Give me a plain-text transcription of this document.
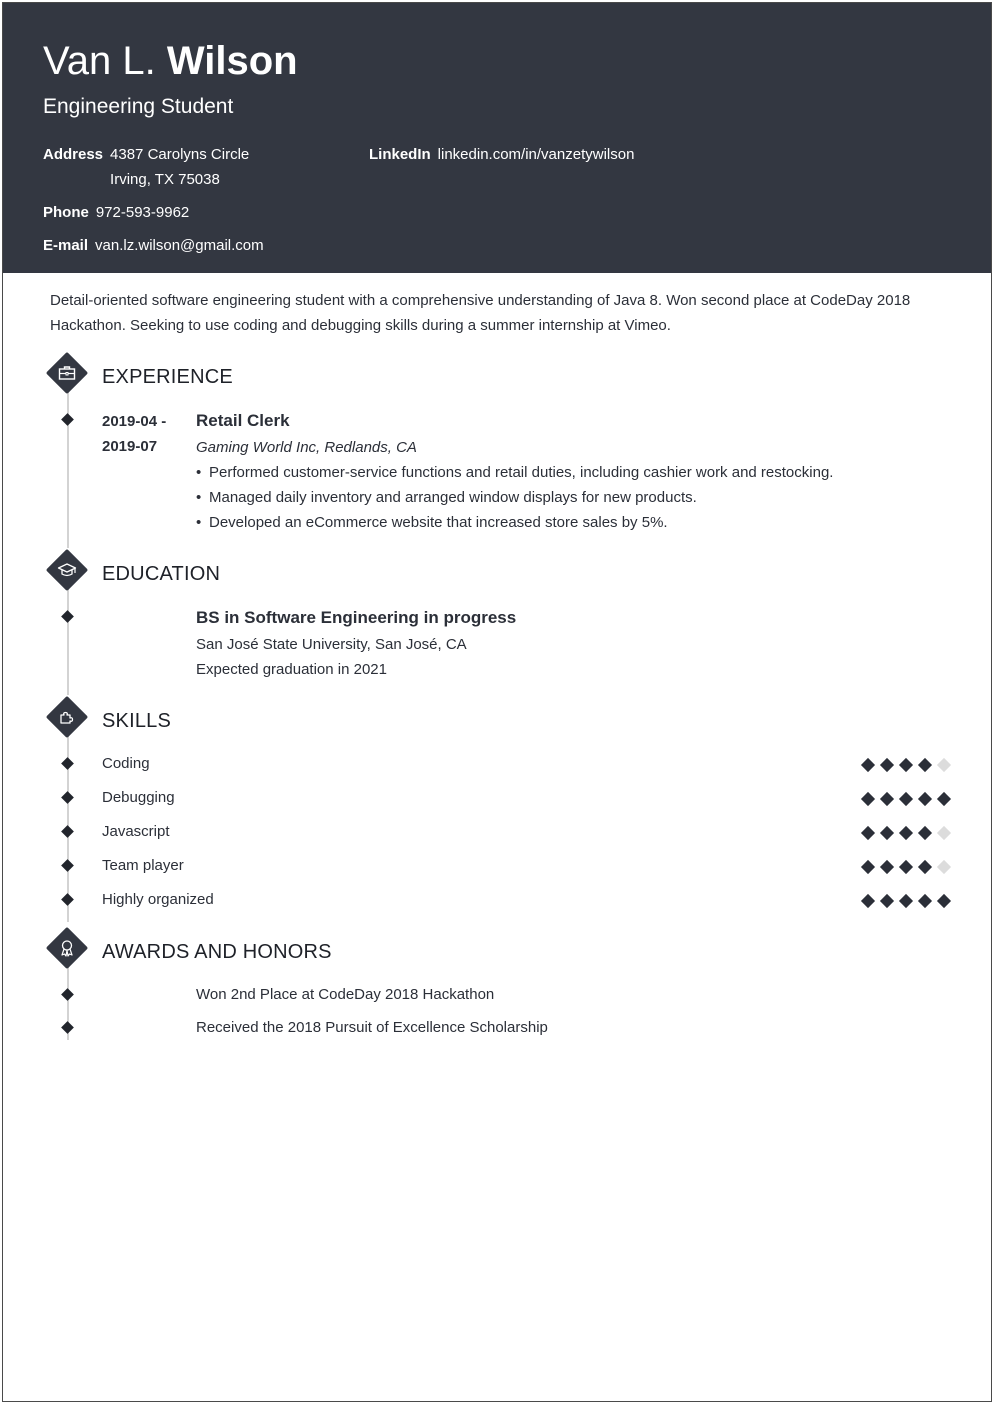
Van L. Wilson
Engineering Student
Address 4387 Carolyns Circle
Irving, TX 75038
LinkedIn linkedin.com/in/vanzetywilson
Phone 972-593-9962
E-mail van.lz.wilson@gmail.com
Detail-oriented software engineering student with a comprehensive understanding of Java 8. Won second place at CodeDay 2018 Hackathon. Seeking to use coding and debugging skills during a summer internship at Vimeo.
EXPERIENCE
2019-04 -
2019-07
Retail Clerk
Gaming World Inc, Redlands, CA
• Performed customer-service functions and retail duties, including cashier work and restocking.
• Managed daily inventory and arranged window displays for new products.
• Developed an eCommerce website that increased store sales by 5%.
EDUCATION
BS in Software Engineering in progress
San José State University, San José, CA
Expected graduation in 2021
SKILLS
AWARDS AND HONORS
Won 2nd Place at CodeDay 2018 Hackathon
Received the 2018 Pursuit of Excellence Scholarship
Coding
Debugging
Javascript
Team player
Highly organized
